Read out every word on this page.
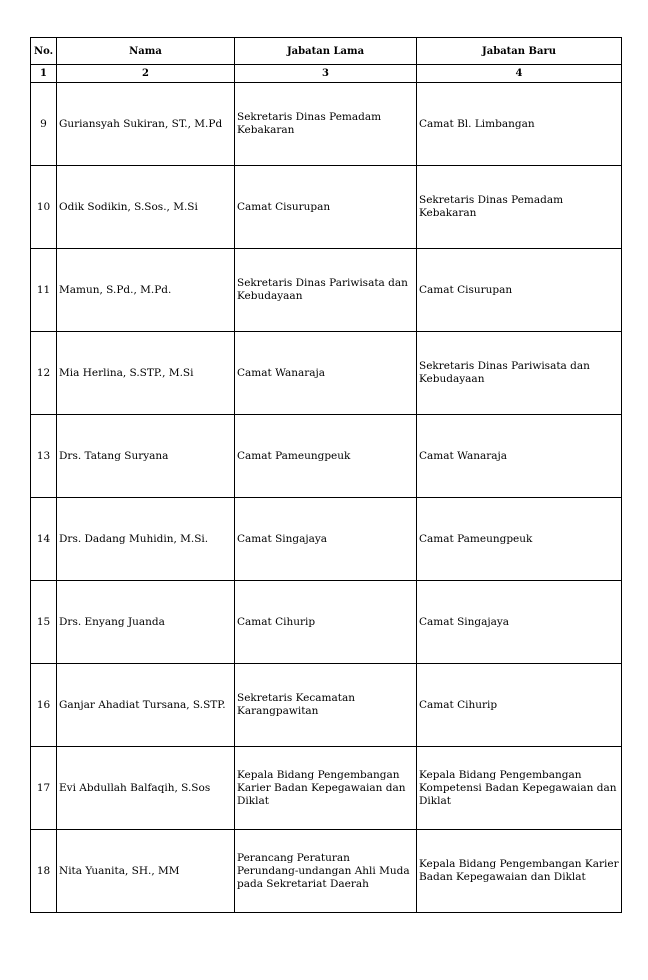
No.	Nama	Jabatan Lama	Jabatan Baru
1	2	3	4
9	Guriansyah Sukiran, ST., M.Pd	Sekretaris Dinas Pemadam Kebakaran	Camat Bl. Limbangan
10	Odik Sodikin, S.Sos., M.Si	Camat Cisurupan	Sekretaris Dinas Pemadam Kebakaran
11	Mamun, S.Pd., M.Pd.	Sekretaris Dinas Pariwisata dan Kebudayaan	Camat Cisurupan
12	Mia Herlina, S.STP., M.Si	Camat Wanaraja	Sekretaris Dinas Pariwisata dan Kebudayaan
13	Drs. Tatang Suryana	Camat Pameungpeuk	Camat Wanaraja
14	Drs. Dadang Muhidin, M.Si.	Camat Singajaya	Camat Pameungpeuk
15	Drs. Enyang Juanda	Camat Cihurip	Camat Singajaya
16	Ganjar Ahadiat Tursana, S.STP.	Sekretaris Kecamatan Karangpawitan	Camat Cihurip
17	Evi Abdullah Balfaqih, S.Sos	Kepala Bidang Pengembangan Karier Badan Kepegawaian dan Diklat	Kepala Bidang Pengembangan Kompetensi Badan Kepegawaian dan Diklat
18	Nita Yuanita, SH., MM	Perancang Peraturan Perundang-undangan Ahli Muda pada Sekretariat Daerah	Kepala Bidang Pengembangan Karier Badan Kepegawaian dan Diklat
